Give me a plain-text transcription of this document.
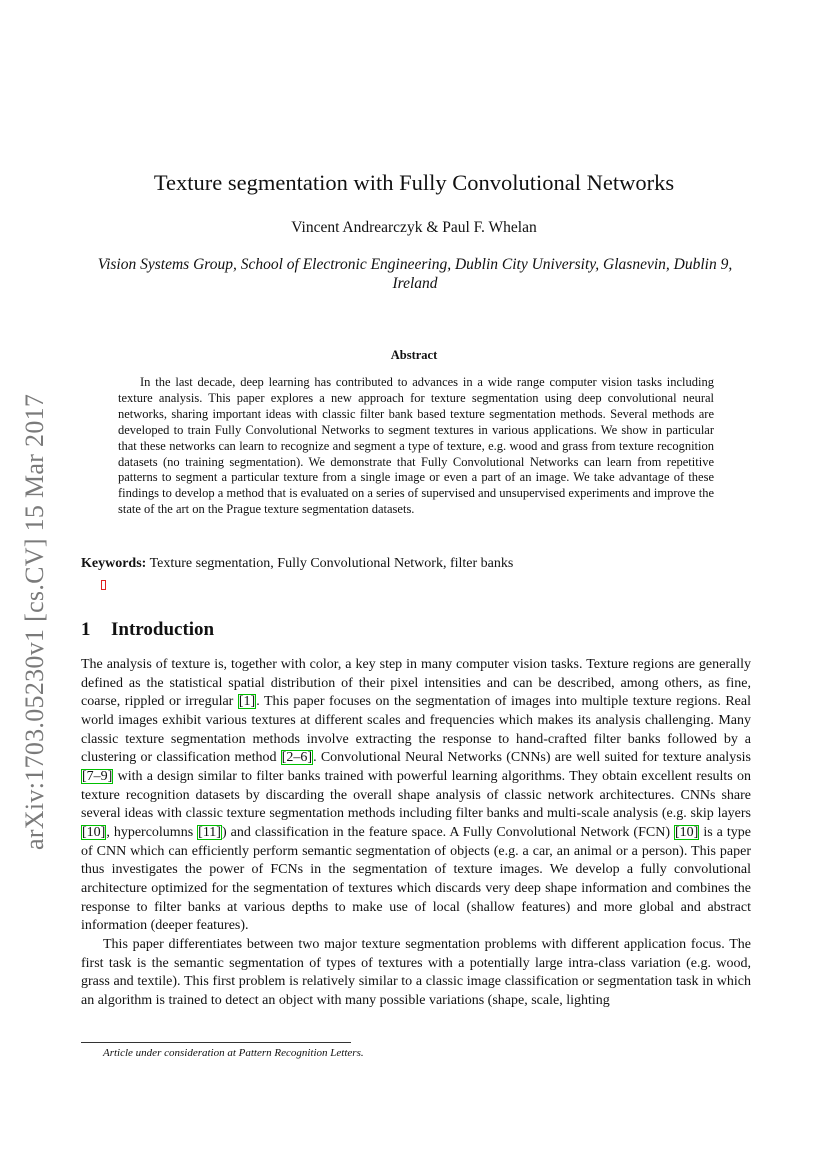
arXiv:1703.05230v1 [cs.CV] 15 Mar 2017
Texture segmentation with Fully Convolutional Networks
Vincent Andrearczyk & Paul F. Whelan
Vision Systems Group, School of Electronic Engineering, Dublin City University, Glasnevin, Dublin 9, Ireland
Abstract

In the last decade, deep learning has contributed to advances in a wide range computer vision tasks including texture analysis. This paper explores a new approach for texture segmentation using deep convolutional neural networks, sharing important ideas with classic filter bank based texture segmentation methods. Several methods are developed to train Fully Convolutional Networks to segment textures in various applications. We show in particular that these networks can learn to recognize and segment a type of texture, e.g. wood and grass from texture recognition datasets (no training segmentation). We demonstrate that Fully Convolutional Networks can learn from repetitive patterns to segment a particular texture from a single image or even a part of an image. We take advantage of these findings to develop a method that is evaluated on a series of supervised and unsupervised experiments and improve the state of the art on the Prague texture segmentation datasets.

Keywords: Texture segmentation, Fully Convolutional Network, filter banks
1 Introduction

The analysis of texture is, together with color, a key step in many computer vision tasks. Texture regions are generally defined as the statistical spatial distribution of their pixel intensities and can be described, among others, as fine, coarse, rippled or irregular [1]. This paper focuses on the segmentation of images into multiple texture regions. Real world images exhibit various textures at different scales and frequencies which makes its analysis challenging. Many classic texture segmentation methods involve extracting the response to hand-crafted filter banks followed by a clustering or classification method [2–6]. Convolutional Neural Networks (CNNs) are well suited for texture analysis [7–9] with a design similar to filter banks trained with powerful learning algorithms. They obtain excellent results on texture recognition datasets by discarding the overall shape analysis of classic network architectures. CNNs share several ideas with classic texture segmentation methods including filter banks and multi-scale analysis (e.g. skip layers [10], hypercolumns [11]) and classification in the feature space. A Fully Convolutional Network (FCN) [10] is a type of CNN which can efficiently perform semantic segmentation of objects (e.g. a car, an animal or a person). This paper thus investigates the power of FCNs in the segmentation of texture images. We develop a fully convolutional architecture optimized for the segmentation of textures which discards very deep shape information and combines the response to filter banks at various depths to make use of local (shallow features) and more global and abstract information (deeper features).

This paper differentiates between two major texture segmentation problems with different application focus. The first task is the semantic segmentation of types of textures with a potentially large intra-class variation (e.g. wood, grass and textile). This first problem is relatively similar to a classic image classification or segmentation task in which an algorithm is trained to detect an object with many possible variations (shape, scale, lighting

Article under consideration at Pattern Recognition Letters.
